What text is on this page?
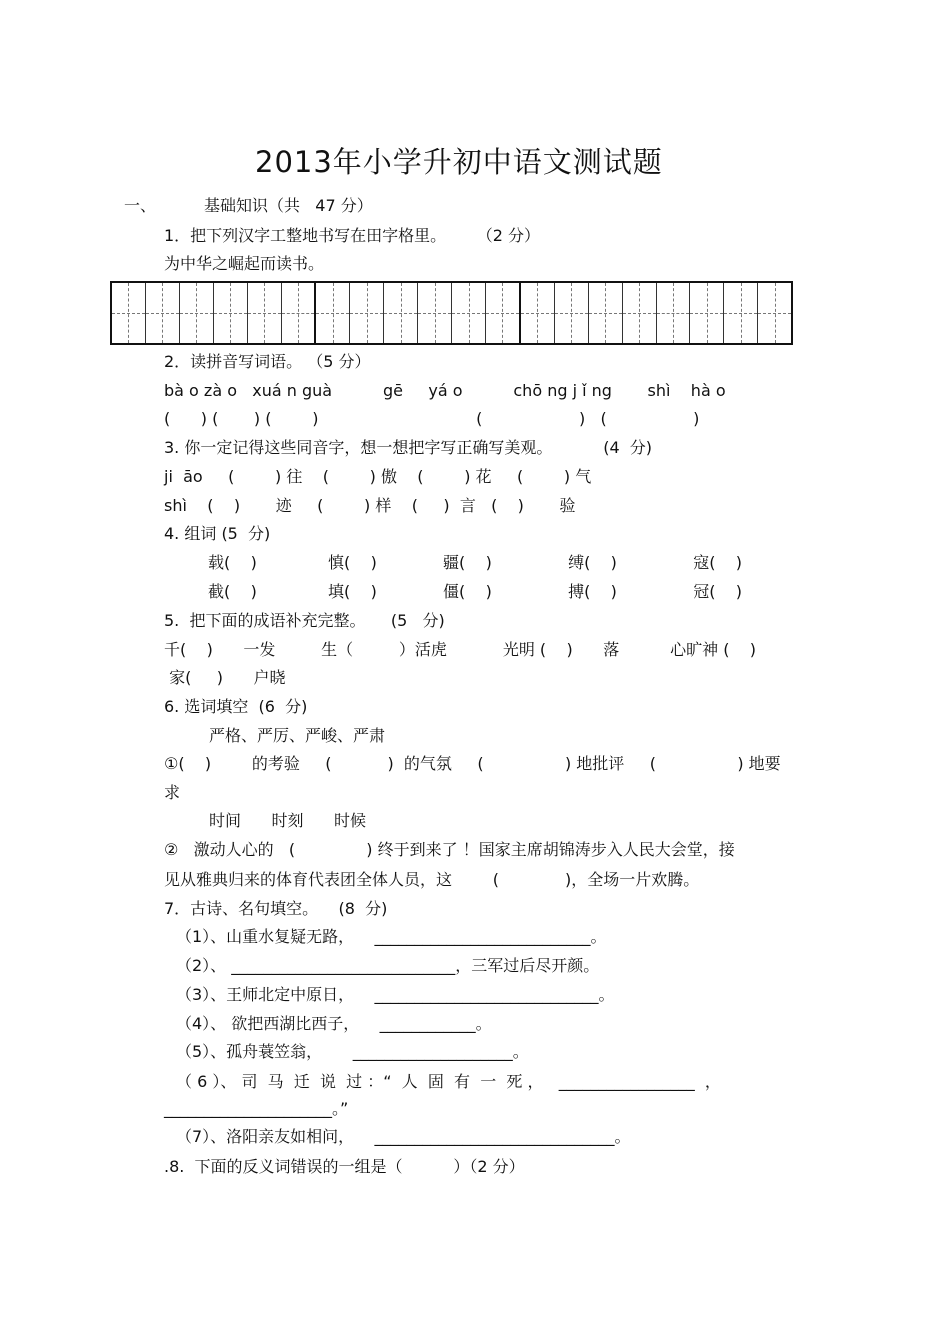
2013年小学升初中语文测试题
一、	基础知识（共   47 分）
1．把下列汉字工整地书写在田字格里。      （2 分）
为中华之崛起而读书。
2．读拼音写词语。 （5 分）
bà o zà o   xuá n guà          gē     yá o          chō ng j ǐ ng       shì    hà o
(      ) (       ) (        )                               (                   )   (                 )
3. 你一定记得这些同音字，想一想把字写正确写美观。          (4  分)
ji  āo     (        ) 往    (        ) 傲    (        ) 花     (        ) 气
shì    (    )       迹     (        ) 样    (     )  言   (    )       验
4. 组词 (5  分)
载(    )              慎(    )             疆(    )               缚(    )               寇(    )
截(    )              填(    )             僵(    )               搏(    )               冠(    )
5.  把下面的成语补充完整。     (5   分)
千(    )      一发         生（         ）活虎           光明 (    )      落          心旷神 (    )
家(     )      户晓
6. 选词填空  (6  分)
严格、严厉、严峻、严肃
①(    )        的考验     (           )  的气氛     (                ) 地批评     (                ) 地要
求
时间      时刻      时候
②   激动人心的   (              ) 终于到来了 ！国家主席胡锦涛步入人民大会堂，接
见从雅典归来的体育代表团全体人员，这        (             )，全场一片欢腾。
7．古诗、名句填空。    (8  分)
（1）、山重水复疑无路，    ___________________________。
（2）、 ____________________________，三军过后尽开颜。
（3）、王师北定中原日，    ____________________________。
（4）、 欲把西湖比西子，    ____________。
（5）、孤舟蓑笠翁，      ____________________。
（ 6 ）、 司  马  迁  说  过 ：“  人  固  有  一  死 ，   _________________  ，
_____________________。”
（7）、洛阳亲友如相问，    ______________________________。
.8.  下面的反义词错误的一组是（          ）（2 分）
